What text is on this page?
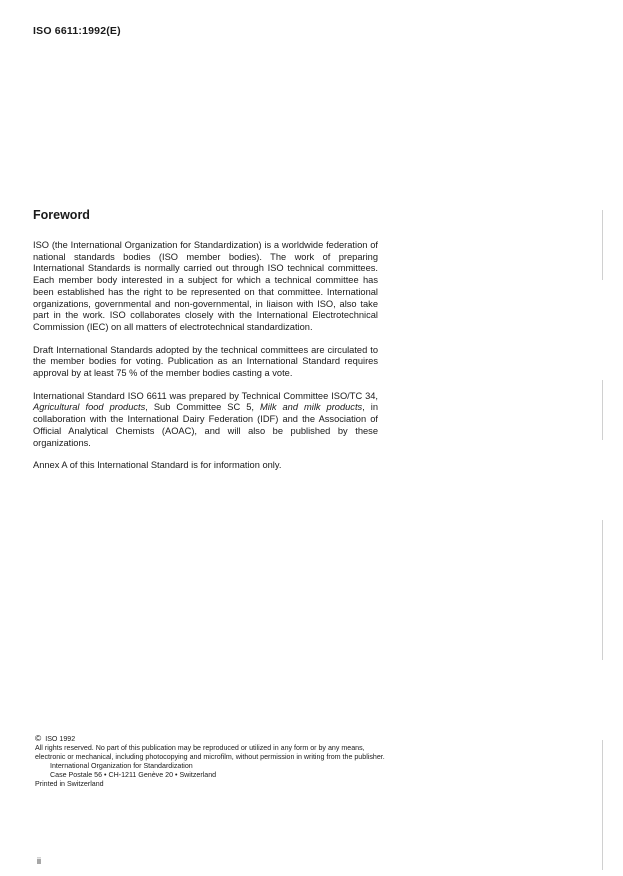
ISO 6611:1992(E)
Foreword

ISO (the International Organization for Standardization) is a worldwide federation of national standards bodies (ISO member bodies). The work of preparing International Standards is normally carried out through ISO technical committees. Each member body interested in a subject for which a technical committee has been established has the right to be represented on that committee. International organizations, governmental and non-governmental, in liaison with ISO, also take part in the work. ISO collaborates closely with the International Electrotechnical Commission (IEC) on all matters of electrotechnical standardization.

Draft International Standards adopted by the technical committees are circulated to the member bodies for voting. Publication as an International Standard requires approval by at least 75 % of the member bodies casting a vote.

International Standard ISO 6611 was prepared by Technical Committee ISO/TC 34, Agricultural food products, Sub Committee SC 5, Milk and milk products, in collaboration with the International Dairy Federation (IDF) and the Association of Official Analytical Chemists (AOAC), and will also be published by these organizations.

Annex A of this International Standard is for information only.

© ISO 1992
All rights reserved. No part of this publication may be reproduced or utilized in any form or by any means, electronic or mechanical, including photocopying and microfilm, without permission in writing from the publisher.
International Organization for Standardization
Case Postale 56 • CH-1211 Genève 20 • Switzerland
Printed in Switzerland
ii
